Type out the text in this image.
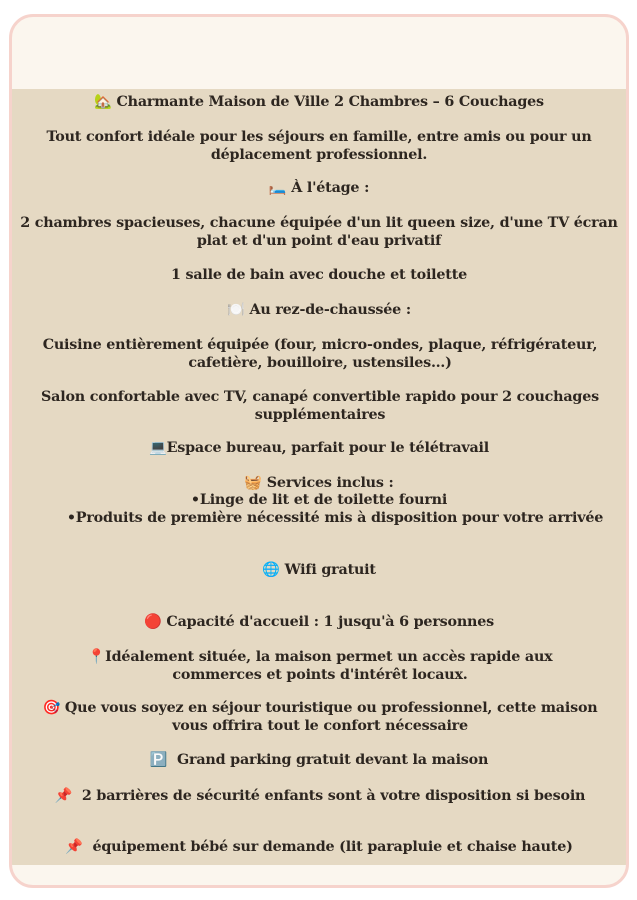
🏡 Charmante Maison de Ville 2 Chambres – 6 Couchages
Tout confort idéale pour les séjours en famille, entre amis ou pour un déplacement professionnel.
🛏️ À l'étage :
2 chambres spacieuses, chacune équipée d'un lit queen size, d'une TV écran plat et d'un point d'eau privatif
1 salle de bain avec douche et toilette
🍽️ Au rez-de-chaussée :
Cuisine entièrement équipée (four, micro-ondes, plaque, réfrigérateur, cafetière, bouilloire, ustensiles…)
Salon confortable avec TV, canapé convertible rapido pour 2 couchages supplémentaires
💻Espace bureau, parfait pour le télétravail
🧺 Services inclus :
•Linge de lit et de toilette fourni
•Produits de première nécessité mis à disposition pour votre arrivée
🌐 Wifi gratuit
🔴 Capacité d'accueil : 1 jusqu'à 6 personnes
📍Idéalement située, la maison permet un accès rapide aux commerces et points d'intérêt locaux.
🎯 Que vous soyez en séjour touristique ou professionnel, cette maison vous offrira tout le confort nécessaire
🅿️ Grand parking gratuit devant la maison
📌 2 barrières de sécurité enfants sont à votre disposition si besoin
📌 équipement bébé sur demande (lit parapluie et chaise haute)
